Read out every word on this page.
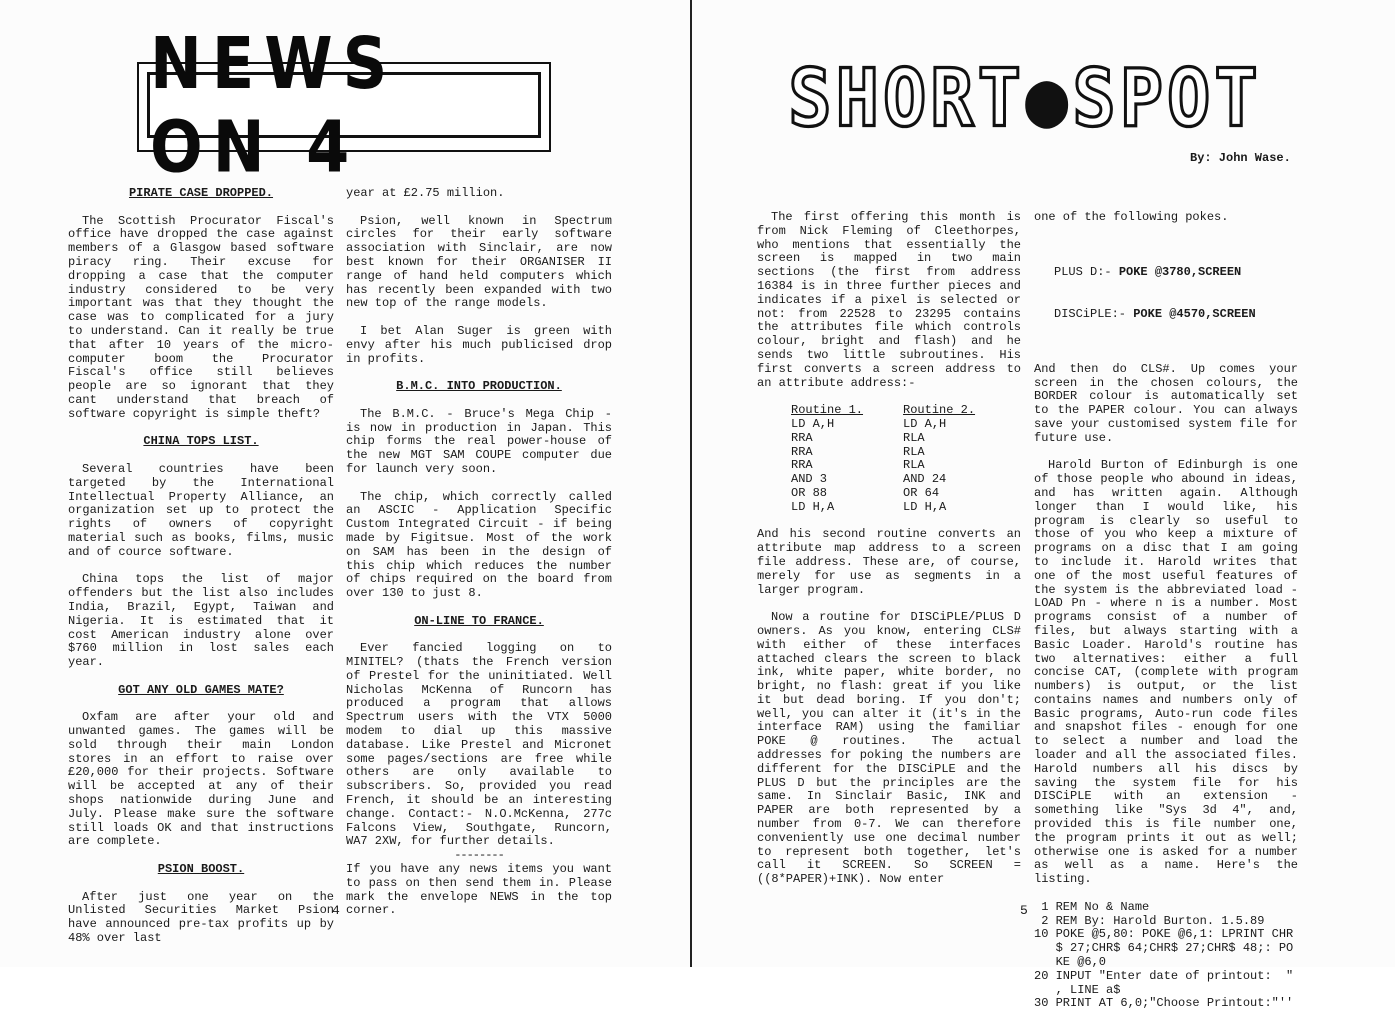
NEWS ON 4
PIRATE CASE DROPPED.

The Scottish Procurator Fiscal's office have dropped the case against members of a Glasgow based software piracy ring. Their excuse for dropping a case that the computer industry considered to be very important was that they thought the case was to complicated for a jury to understand. Can it really be true that after 10 years of the micro-computer boom the Procurator Fiscal's office still believes people are so ignorant that they cant understand that breach of software copyright is simple theft?

CHINA TOPS LIST.

Several countries have been targeted by the International Intellectual Property Alliance, an organization set up to protect the rights of owners of copyright material such as books, films, music and of cource software.

China tops the list of major offenders but the list also includes India, Brazil, Egypt, Taiwan and Nigeria. It is estimated that it cost American industry alone over $760 million in lost sales each year.

GOT ANY OLD GAMES MATE?

Oxfam are after your old and unwanted games. The games will be sold through their main London stores in an effort to raise over £20,000 for their projects. Software will be accepted at any of their shops nationwide during June and July. Please make sure the software still loads OK and that instructions are complete.

PSION BOOST.

After just one year on the Unlisted Securities Market Psion have announced pre-tax profits up by 48% over last

year at £2.75 million.

Psion, well known in Spectrum circles for their early software association with Sinclair, are now best known for their ORGANISER II range of hand held computers which has recently been expanded with two new top of the range models.

I bet Alan Suger is green with envy after his much publicised drop in profits.

B.M.C. INTO PRODUCTION.

The B.M.C. - Bruce's Mega Chip - is now in production in Japan. This chip forms the real power-house of the new MGT SAM COUPE computer due for launch very soon.

The chip, which correctly called an ASCIC - Application Specific Custom Integrated Circuit - if being made by Figitsue. Most of the work on SAM has been in the design of this chip which reduces the number of chips required on the board from over 130 to just 8.

ON-LINE TO FRANCE.

Ever fancied logging on to MINITEL? (thats the French version of Prestel for the uninitiated. Well Nicholas McKenna of Runcorn has produced a program that allows Spectrum users with the VTX 5000 modem to dial up this massive database. Like Prestel and Micronet some pages/sections are free while others are only available to subscribers. So, provided you read French, it should be an interesting change. Contact:- N.O.McKenna, 277c Falcons View, Southgate, Runcorn, WA7 2XW, for further details.

--------

If you have any news items you want to pass on then send them in. Please mark the envelope NEWS in the top corner.

4
SHORT●SPOT
By: John Wase.

The first offering this month is from Nick Fleming of Cleethorpes, who mentions that essentially the screen is mapped in two main sections (the first from address 16384 is in three further pieces and indicates if a pixel is selected or not: from 22528 to 23295 contains the attributes file which controls colour, bright and flash) and he sends two little subroutines. His first converts a screen address to an attribute address:-

Routine 1.
LD A,H
RRA
RRA
RRA
AND 3
OR 88
LD H,A
Routine 2.
LD A,H
RLA
RLA
RLA
AND 24
OR 64
LD H,A

And his second routine converts an attribute map address to a screen file address. These are, of course, merely for use as segments in a larger program.

Now a routine for DISCiPLE/PLUS D owners. As you know, entering CLS# with either of these interfaces attached clears the screen to black ink, white paper, white border, no bright, no flash: great if you like it but dead boring. If you don't; well, you can alter it (it's in the interface RAM) using the familiar POKE @ routines. The actual addresses for poking the numbers are different for the DISCiPLE and the PLUS D but the principles are the same. In Sinclair Basic, INK and PAPER are both represented by a number from 0-7. We can therefore conveniently use one decimal number to represent both together, let's call it SCREEN. So SCREEN = ((8*PAPER)+INK). Now enter

one of the following pokes.

PLUS D:- POKE @3780,SCREEN

DISCiPLE:- POKE @4570,SCREEN

And then do CLS#. Up comes your screen in the chosen colours, the BORDER colour is automatically set to the PAPER colour. You can always save your customised system file for future use.

Harold Burton of Edinburgh is one of those people who abound in ideas, and has written again. Although longer than I would like, his program is clearly so useful to those of you who keep a mixture of programs on a disc that I am going to include it. Harold writes that one of the most useful features of the system is the abbreviated load - LOAD Pn - where n is a number. Most programs consist of a number of files, but always starting with a Basic Loader. Harold's routine has two alternatives: either a full concise CAT, (complete with program numbers) is output, or the list contains names and numbers only of Basic programs, Auto-run code files and snapshot files - enough for one to select a number and load the loader and all the associated files. Harold numbers all his discs by saving the system file for his DISCiPLE with an extension - something like "Sys 3d 4", and, provided this is file number one, the program prints it out as well; otherwise one is asked for a number as well as a name. Here's the listing.

1 REM No & Name
2 REM By: Harold Burton. 1.5.89
10 POKE @5,80: POKE @6,1: LPRINT CHR
$ 27;CHR$ 64;CHR$ 27;CHR$ 48;: PO
KE @6,0
20 INPUT "Enter date of printout:  "
, LINE a$
30 PRINT AT 6,0;"Choose Printout:"''
5
